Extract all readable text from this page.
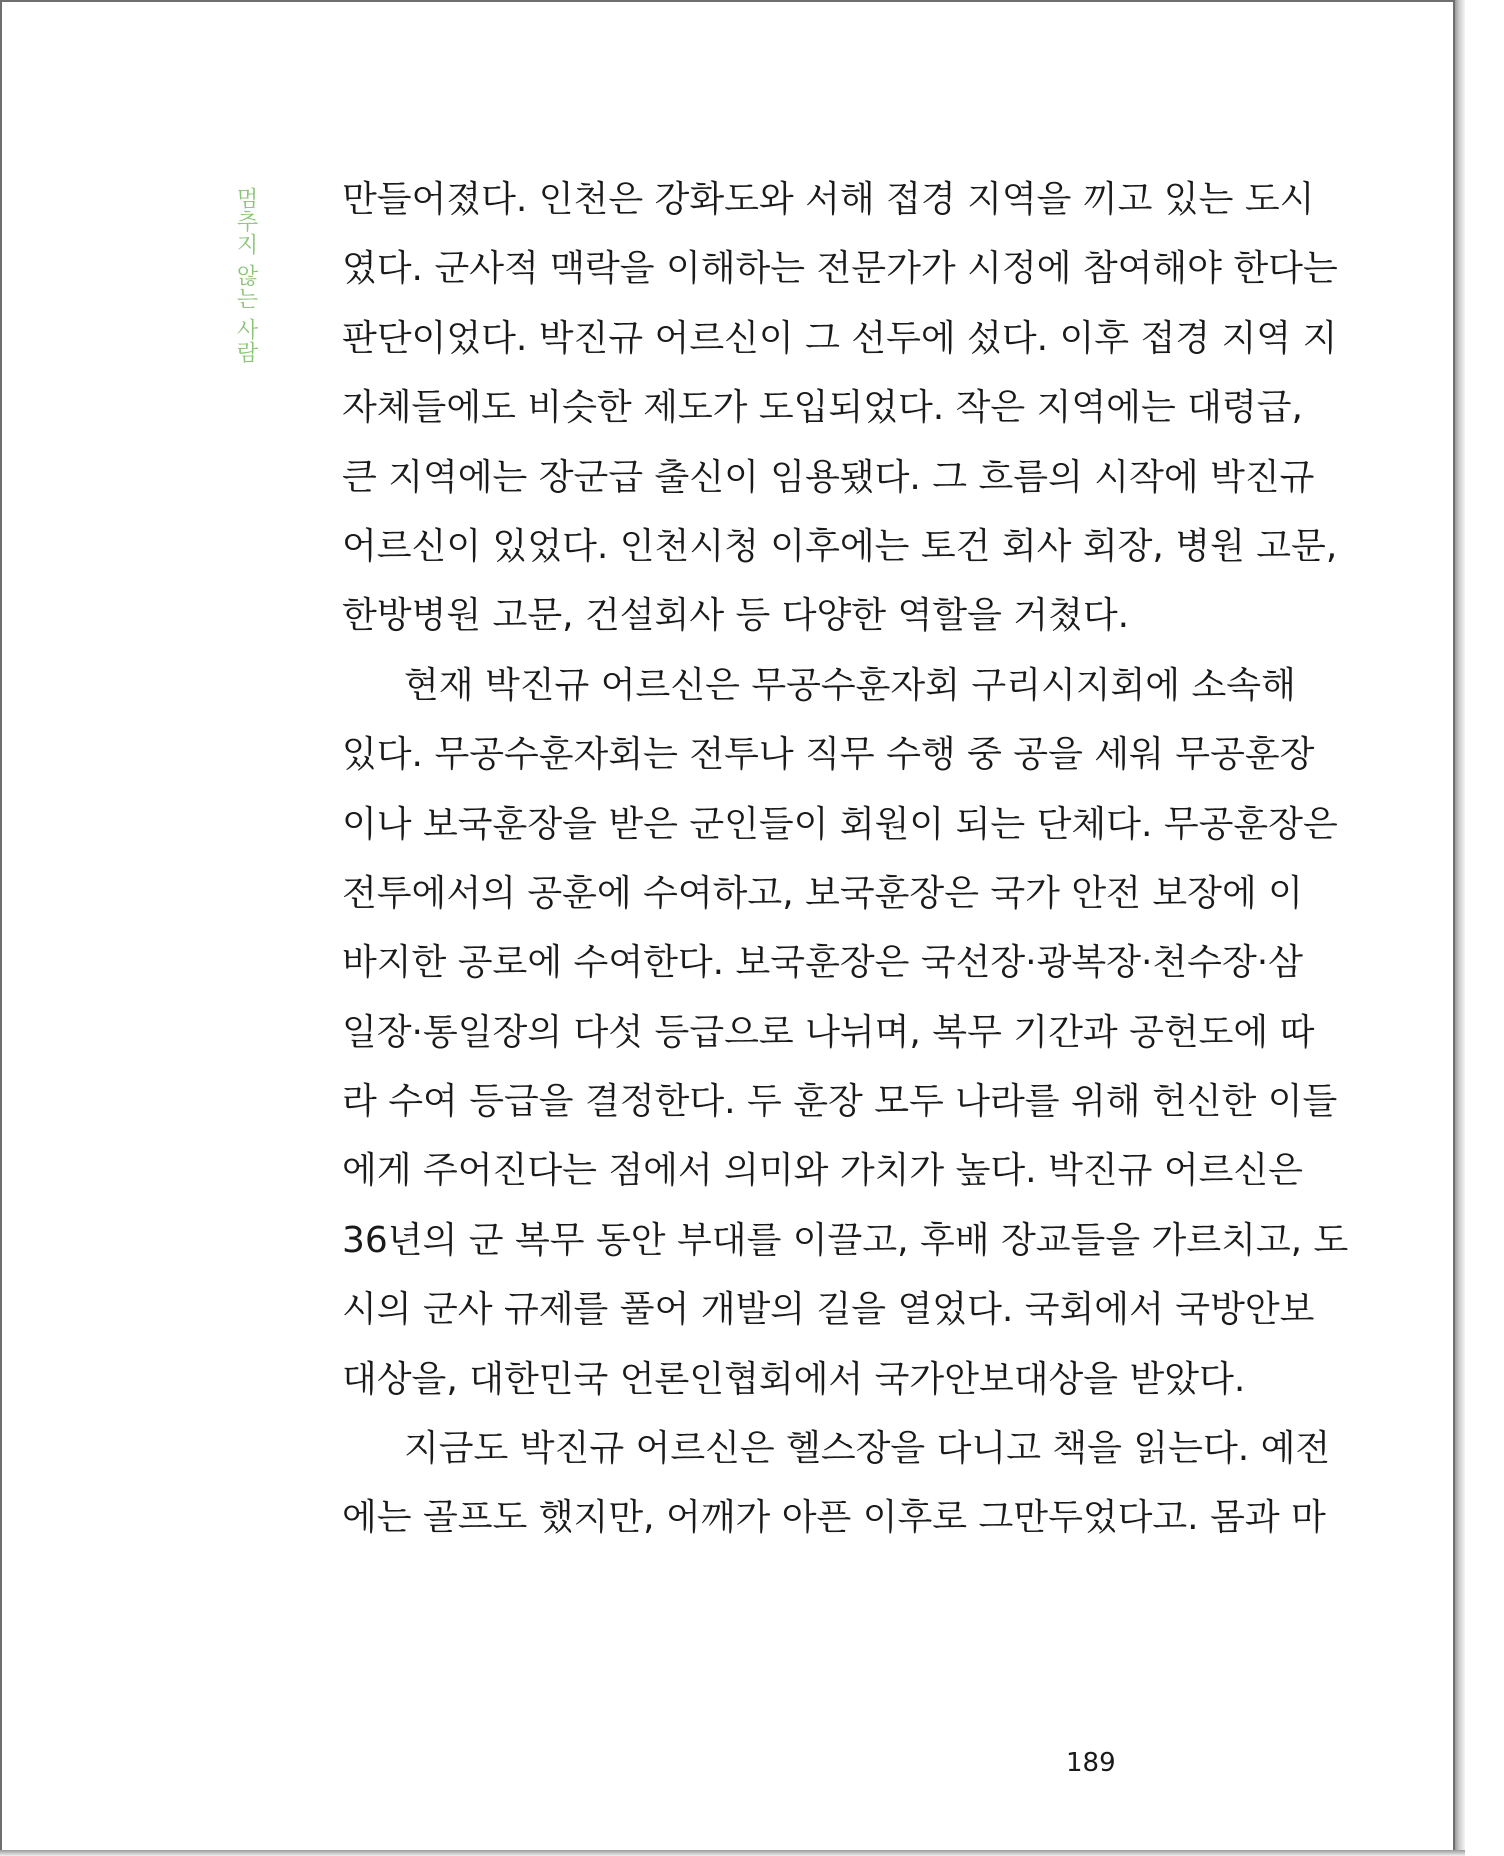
멈추지 않는 사람 만들어졌다. 인천은 강화도와 서해 접경 지역을 끼고 있는 도시
였다. 군사적 맥락을 이해하는 전문가가 시정에 참여해야 한다는
판단이었다. 박진규 어르신이 그 선두에 섰다. 이후 접경 지역 지
자체들에도 비슷한 제도가 도입되었다. 작은 지역에는 대령급,
큰 지역에는 장군급 출신이 임용됐다. 그 흐름의 시작에 박진규
어르신이 있었다. 인천시청 이후에는 토건 회사 회장, 병원 고문,
한방병원 고문, 건설회사 등 다양한 역할을 거쳤다.
현재 박진규 어르신은 무공수훈자회 구리시지회에 소속해
있다. 무공수훈자회는 전투나 직무 수행 중 공을 세워 무공훈장
이나 보국훈장을 받은 군인들이 회원이 되는 단체다. 무공훈장은
전투에서의 공훈에 수여하고, 보국훈장은 국가 안전 보장에 이
바지한 공로에 수여한다. 보국훈장은 국선장·광복장·천수장·삼
일장·통일장의 다섯 등급으로 나뉘며, 복무 기간과 공헌도에 따
라 수여 등급을 결정한다. 두 훈장 모두 나라를 위해 헌신한 이들
에게 주어진다는 점에서 의미와 가치가 높다. 박진규 어르신은
36년의 군 복무 동안 부대를 이끌고, 후배 장교들을 가르치고, 도
시의 군사 규제를 풀어 개발의 길을 열었다. 국회에서 국방안보
대상을, 대한민국 언론인협회에서 국가안보대상을 받았다.
지금도 박진규 어르신은 헬스장을 다니고 책을 읽는다. 예전
에는 골프도 했지만, 어깨가 아픈 이후로 그만두었다고. 몸과 마
189
